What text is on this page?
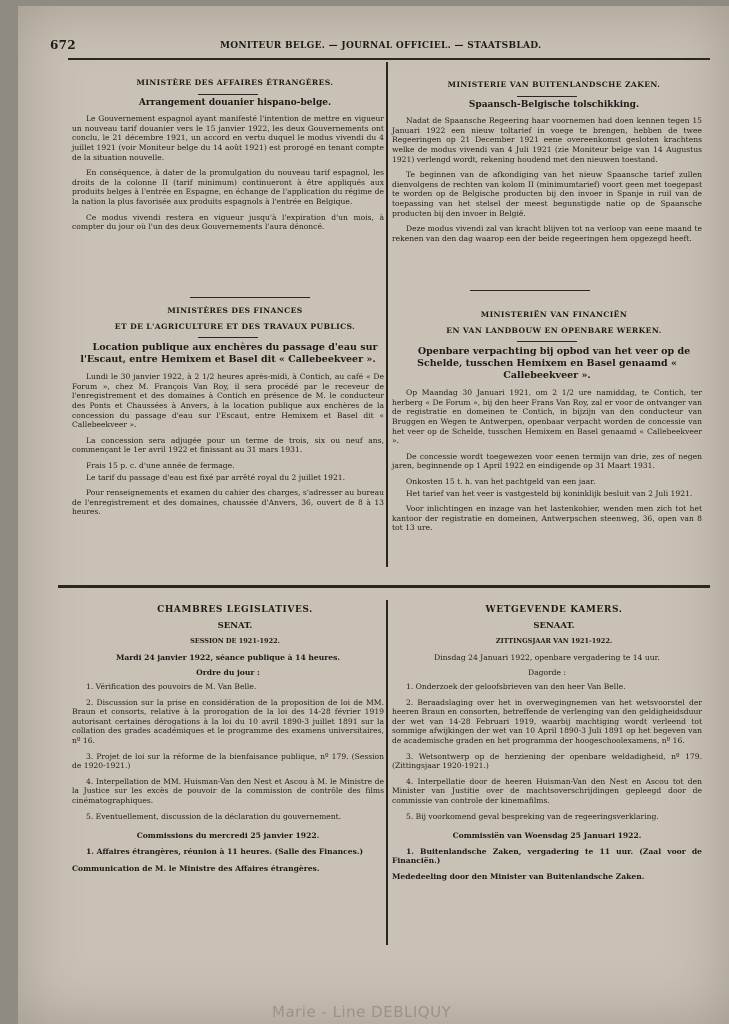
672	MONITEUR BELGE. — JOURNAL OFFICIEL. — STAATSBLAD.

MINISTÈRE DES AFFAIRES ÉTRANGÈRES.

Arrangement douanier hispano-belge.

Le Gouvernement espagnol ayant manifesté l'intention de mettre en vigueur un nouveau tarif douanier vers le 15 janvier 1922, les deux Gouvernements ont conclu, le 21 décembre 1921, un accord en vertu duquel le modus vivendi du 4 juillet 1921 (voir Moniteur belge du 14 août 1921) est prorogé en tenant compte de la situation nouvelle.

En conséquence, à dater de la promulgation du nouveau tarif espagnol, les droits de la colonne II (tarif minimum) continueront à être appliqués aux produits belges à l'entrée en Espagne, en échange de l'application du régime de la nation la plus favorisée aux produits espagnols à l'entrée en Belgique.

Ce modus vivendi restera en vigueur jusqu'à l'expiration d'un mois, à compter du jour où l'un des deux Gouvernements l'aura dénoncé.

MINISTERIE VAN BUITENLANDSCHE ZAKEN.

Spaansch-Belgische tolschikking.

Nadat de Spaansche Regeering haar voornemen had doen kennen tegen 15 Januari 1922 een nieuw toltarief in voege te brengen, hebben de twee Regeeringen op 21 December 1921 eene overeenkomst gesloten krachtens welke de modus vivendi van 4 Juli 1921 (zie Moniteur belge van 14 Augustus 1921) verlengd wordt, rekening houdend met den nieuwen toestand.

Te beginnen van de afkondiging van het nieuw Spaansche tarief zullen dienvolgens de rechten van kolom II (minimumtarief) voort geen met toegepast te worden op de Belgische producten bij den invoer in Spanje in ruil van de toepassing van het stelsel der meest begunstigde natie op de Spaansche producten bij den invoer in België.

Deze modus vivendi zal van kracht blijven tot na verloop van eene maand te rekenen van den dag waarop een der beide regeeringen hem opgezegd heeft.

MINISTÈRES DES FINANCES

ET DE L'AGRICULTURE ET DES TRAVAUX PUBLICS.

Location publique aux enchères du passage d'eau sur l'Escaut, entre Hemixem et Basel dit « Callebeekveer ».

Lundi le 30 janvier 1922, à 2 1/2 heures après-midi, à Contich, au café « De Forum », chez M. François Van Roy, il sera procédé par le receveur de l'enregistrement et des domaines à Contich en présence de M. le conducteur des Ponts et Chaussées à Anvers, à la location publique aux enchères de la concession du passage d'eau sur l'Escaut, entre Hemixem et Basel dit « Callebeekveer ».

La concession sera adjugée pour un terme de trois, six ou neuf ans, commençant le 1er avril 1922 et finissant au 31 mars 1931.

Frais 15 p. c. d'une année de fermage.

Le tarif du passage d'eau est fixé par arrêté royal du 2 juillet 1921.

Pour renseignements et examen du cahier des charges, s'adresser au bureau de l'enregistrement et des domaines, chaussée d'Anvers, 36, ouvert de 8 à 13 heures.

MINISTERIËN VAN FINANCIËN

EN VAN LANDBOUW EN OPENBARE WERKEN.

Openbare verpachting bij opbod van het veer op de Schelde, tusschen Hemixem en Basel genaamd « Callebeekveer ».

Op Maandag 30 Januari 1921, om 2 1/2 ure namiddag, te Contich, ter herberg « De Forum », bij den heer Frans Van Roy, zal er voor de ontvanger van de registratie en domeinen te Contich, in bijzijn van den conducteur van Bruggen en Wegen te Antwerpen, openbaar verpacht worden de concessie van het veer op de Schelde, tusschen Hemixem en Basel genaamd « Callebeekveer ».

De concessie wordt toegewezen voor eenen termijn van drie, zes of negen jaren, beginnende op 1 April 1922 en eindigende op 31 Maart 1931.

Onkosten 15 t. h. van het pachtgeld van een jaar.

Het tarief van het veer is vastgesteld bij koninklijk besluit van 2 Juli 1921.

Voor inlichtingen en inzage van het lastenkohier, wenden men zich tot het kantoor der registratie en domeinen, Antwerpschen steenweg, 36, open van 8 tot 13 ure.

CHAMBRES LEGISLATIVES.

SENAT.

SESSION DE 1921-1922.

Mardi 24 janvier 1922, séance publique à 14 heures.

Ordre du jour :

1. Vérification des pouvoirs de M. Van Belle.

2. Discussion sur la prise en considération de la proposition de loi de MM. Braun et consorts, relative à la prorogation de la loi des 14-28 février 1919 autorisant certaines dérogations à la loi du 10 avril 1890-3 juillet 1891 sur la collation des grades académiques et le programme des examens universitaires, nº 16.

3. Projet de loi sur la réforme de la bienfaisance publique, nº 179. (Session de 1920-1921.)

4. Interpellation de MM. Huisman-Van den Nest et Ascou à M. le Ministre de la Justice sur les excès de pouvoir de la commission de contrôle des films cinématographiques.

5. Eventuellement, discussion de la déclaration du gouvernement.

Commissions du mercredi 25 janvier 1922.

1. Affaires étrangères, réunion à 11 heures. (Salle des Finances.)

Communication de M. le Ministre des Affaires étrangères.

WETGEVENDE KAMERS.

SENAAT.

ZITTINGSJAAR VAN 1921-1922.

Dinsdag 24 Januari 1922, openbare vergadering te 14 uur.

Dagorde :

1. Onderzoek der geloofsbrieven van den heer Van Belle.

2. Beraadslaging over het in overwegingnemen van het wetsvoorstel der heeren Braun en consorten, betreffende de verlenging van den geldigheidsduur der wet van 14-28 Februari 1919, waarbij machtiging wordt verleend tot sommige afwijkingen der wet van 10 April 1890-3 Juli 1891 op het begeven van de academische graden en het programma der hoogeschoolexamens, nº 16.

3. Wetsontwerp op de herziening der openbare weldadigheid, nº 179. (Zittingsjaar 1920-1921.)

4. Interpellatie door de heeren Huisman-Van den Nest en Ascou tot den Minister van Justitie over de machtsoverschrijdingen gepleegd door de commissie van controle der kinemafilms.

5. Bij voorkomend geval bespreking van de regeeringsverklaring.

Commissiën van Woensdag 25 Januari 1922.

1. Buitenlandsche Zaken, vergadering te 11 uur. (Zaal voor de Financiën.)

Mededeeling door den Minister van Buitenlandsche Zaken.

Marie - Line DEBLIQUY
